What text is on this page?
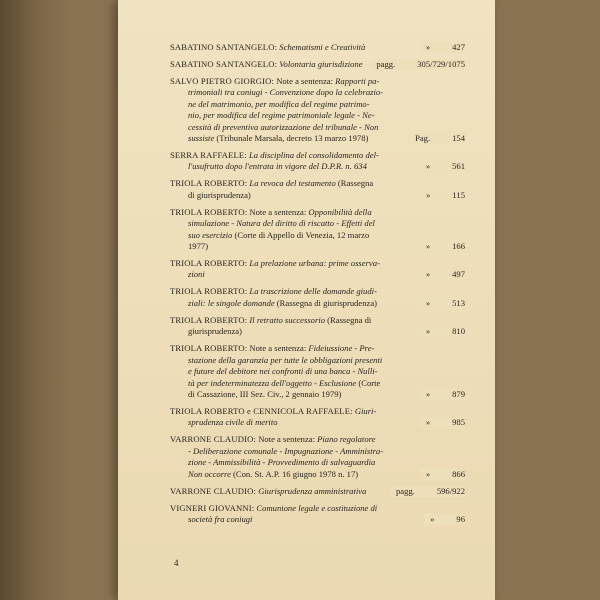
SABATINO SANTANGELO: Schematismi e Creatività	»	427
SABATINO SANTANGELO: Volontaria giurisdizione	pagg.	305/729/1075
SALVO PIETRO GIORGIO: Note a sentenza: Rapporti pa-
trimoniali tra coniugi - Convenzione dopo la celebrazio-
ne del matrimonio, per modifica del regime patrimo-
nio, per modifica del regime patrimoniale legale - Ne-
cessità di preventiva autorizzazione del tribunale - Non
sussiste (Tribunale Marsala, decreto 13 marzo 1978)	Pag.	154
SERRA RAFFAELE: La disciplina del consolidamento del-
l'usufrutto dopo l'entrata in vigore del D.P.R. n. 634	»	561
TRIOLA ROBERTO: La revoca del testamento (Rassegna
di giurisprudenza)	»	115
TRIOLA ROBERTO: Note a sentenza: Opponibilità della
simulazione - Natura del diritto di riscatto - Effetti del
suo esercizio (Corte di Appello di Venezia, 12 marzo
1977)	»	166
TRIOLA ROBERTO: La prelazione urbana: prime osserva-
zioni	»	497
TRIOLA ROBERTO: La trascrizione delle domande giudi-
ziali: le singole domande (Rassegna di giurisprudenza)	»	513
TRIOLA ROBERTO: Il retratto successorio (Rassegna di
giurisprudenza)	»	810
TRIOLA ROBERTO: Note a sentenza: Fideiussione - Pre-
stazione della garanzia per tutte le obbligazioni presenti
e future del debitore nei confronti di una banca - Nulli-
tà per indeterminatezza dell'oggetto - Esclusione (Corte
di Cassazione, III Sez. Civ., 2 gennaio 1979)	»	879
TRIOLA ROBERTO e CENNICOLA RAFFAELE: Giuri-
sprudenza civile di merito	»	985
VARRONE CLAUDIO: Note a sentenza: Piano regolatore
- Deliberazione comunale - Impugnazione - Amministra-
zione - Ammissibilità - Provvedimento di salvaguardia
Non occorre (Con. St. A.P. 16 giugno 1978 n. 17)	»	866
VARRONE CLAUDIO: Giurisprudenza amministrativa	pagg.	596/922
VIGNERI GIOVANNI: Comunione legale e costituzione di
società fra coniugi	»	96
4
